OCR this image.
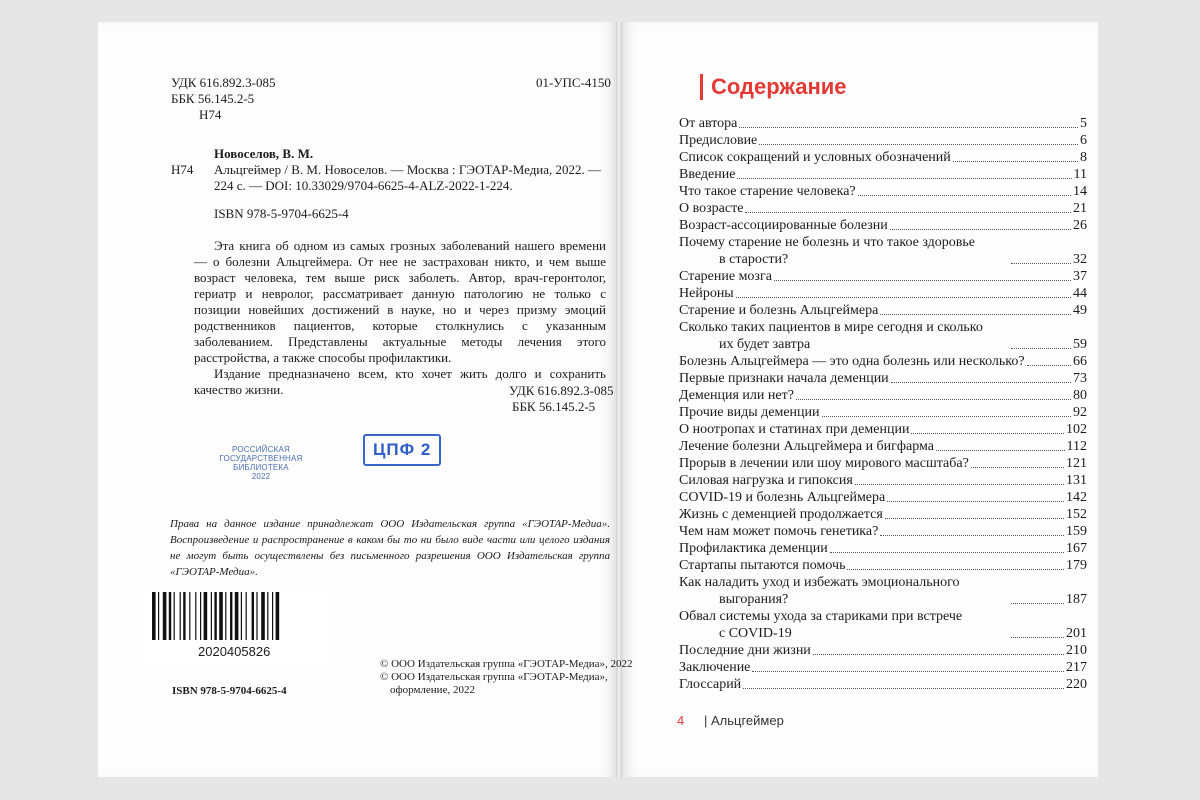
УДК 616.892.3-085
ББК 56.145.2-5
Н74
01-УПС-4150
Новоселов, В. М.
Н74 Альцгеймер / В. М. Новоселов. — Москва : ГЭОТАР-Медиа, 2022. —
224 с. — DOI: 10.33029/9704-6625-4-ALZ-2022-1-224.
ISBN 978-5-9704-6625-4

Эта книга об одном из самых грозных заболеваний нашего времени — о болезни Альцгеймера. От нее не застрахован никто, и чем выше возраст человека, тем выше риск заболеть. Автор, врач-геронтолог, гериатр и невролог, рассматривает данную патологию не только с позиции новейших достижений в науке, но и через призму эмоций родственников пациентов, которые столкнулись с указанным заболеванием. Представлены актуальные методы лечения этого расстройства, а также способы профилактики.

Издание предназначено всем, кто хочет жить долго и сохранить качество жизни.	УДК 616.892.3-085
ББК 56.145.2-5
РОССИЙСКАЯ
ГОСУДАРСТВЕННАЯ
БИБЛИОТЕКА
2022
ЦПФ 2
Права на данное издание принадлежат ООО Издательская группа «ГЭОТАР-Медиа». Воспроизведение и распространение в каком бы то ни было виде части или целого издания не могут быть осуществлены без письменного разрешения ООО Издательская группа «ГЭОТАР-Медиа».
2020405826
ISBN 978-5-9704-6625-4
© ООО Издательская группа «ГЭОТАР-Медиа», 2022
© ООО Издательская группа «ГЭОТАР-Медиа»,
оформление, 2022
Содержание
От автора	5
Предисловие	6
Список сокращений и условных обозначений	8
Введение	11
Что такое старение человека?	14
О возрасте	21
Возраст-ассоциированные болезни	26
Почему старение не болезнь и что такое здоровье
в старости?	32
Старение мозга	37
Нейроны	44
Старение и болезнь Альцгеймера	49
Сколько таких пациентов в мире сегодня и сколько
их будет завтра	59
Болезнь Альцгеймера — это одна болезнь или несколько?	66
Первые признаки начала деменции	73
Деменция или нет?	80
Прочие виды деменции	92
О ноотропах и статинах при деменции	102
Лечение болезни Альцгеймера и бигфарма	112
Прорыв в лечении или шоу мирового масштаба?	121
Силовая нагрузка и гипоксия	131
COVID-19 и болезнь Альцгеймера	142
Жизнь с деменцией продолжается	152
Чем нам может помочь генетика?	159
Профилактика деменции	167
Стартапы пытаются помочь	179
Как наладить уход и избежать эмоционального
выгорания?	187
Обвал системы ухода за стариками при встрече
с COVID-19	201
Последние дни жизни	210
Заключение	217
Глоссарий	220
4 | Альцгеймер
